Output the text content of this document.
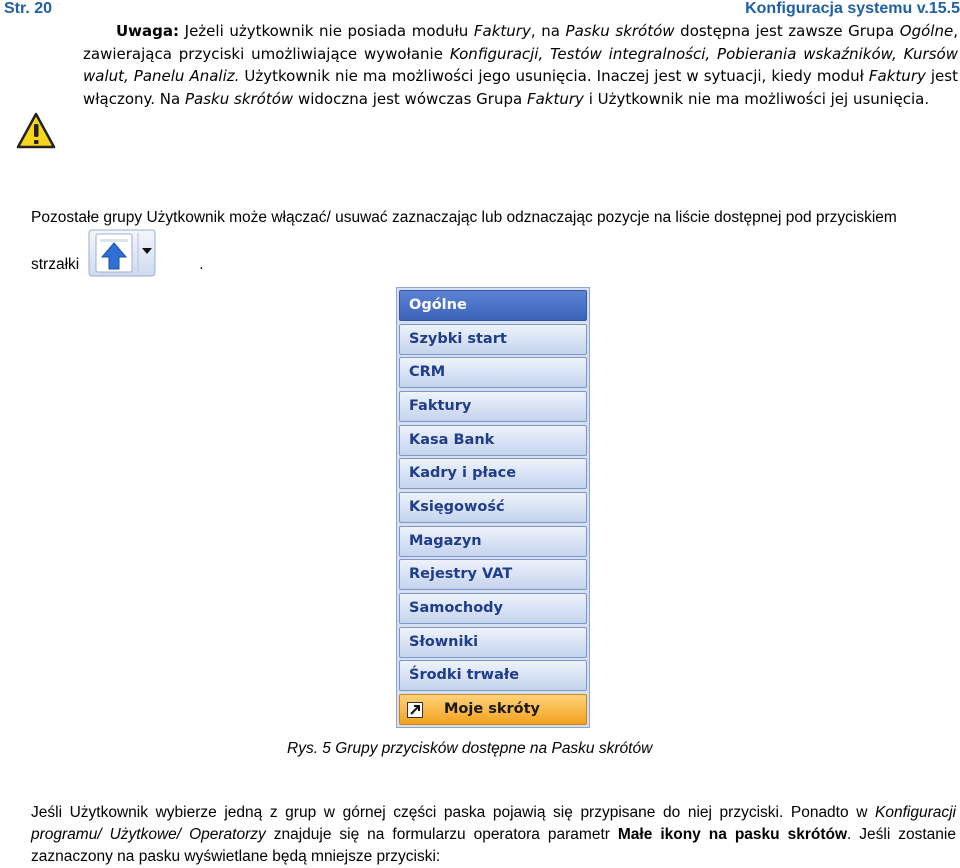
Str. 20	Konfiguracja systemu v.15.5

Uwaga: Jeżeli użytkownik nie posiada modułu Faktury, na Pasku skrótów dostępna jest zawsze Grupa Ogólne, zawierająca przyciski umożliwiające wywołanie Konfiguracji, Testów integralności, Pobierania wskaźników, Kursów walut, Panelu Analiz. Użytkownik nie ma możliwości jego usunięcia. Inaczej jest w sytuacji, kiedy moduł Faktury jest włączony. Na Pasku skrótów widoczna jest wówczas Grupa Faktury i Użytkownik nie ma możliwości jej usunięcia.

Pozostałe grupy Użytkownik może włączać/ usuwać zaznaczając lub odznaczając pozycje na liście dostępnej pod przyciskiem
strzałki	.
Ogólne
Szybki start
CRM
Faktury
Kasa Bank
Kadry i płace
Księgowość
Magazyn
Rejestry VAT
Samochody
Słowniki
Środki trwałe
Moje skróty
Rys. 5 Grupy przycisków dostępne na Pasku skrótów

Jeśli Użytkownik wybierze jedną z grup w górnej części paska pojawią się przypisane do niej przyciski. Ponadto w Konfiguracji programu/ Użytkowe/ Operatorzy znajduje się na formularzu operatora parametr Małe ikony na pasku skrótów. Jeśli zostanie zaznaczony na pasku wyświetlane będą mniejsze przyciski:
